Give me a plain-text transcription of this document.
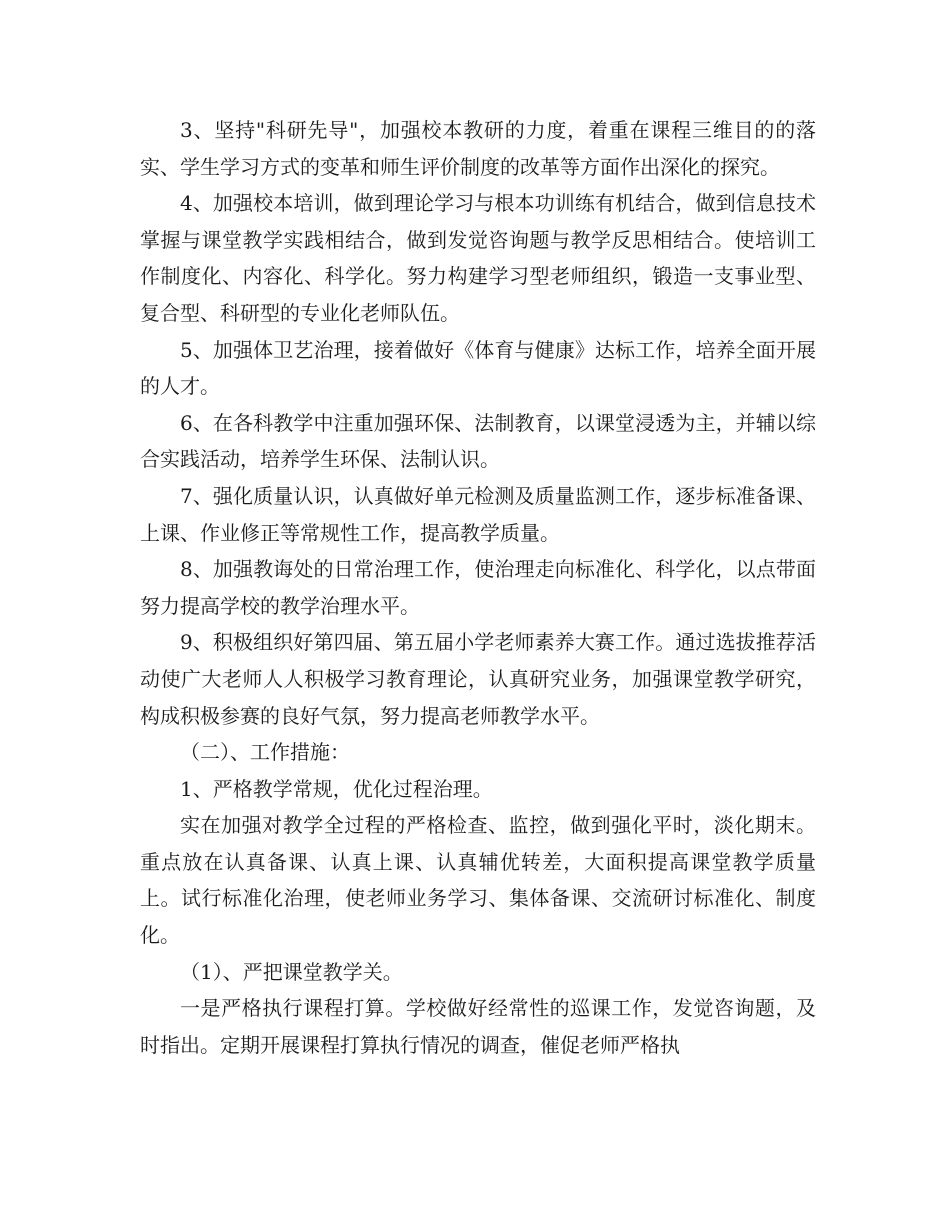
3、坚持"科研先导"，加强校本教研的力度，着重在课程三维目的的落实、学生学习方式的变革和师生评价制度的改革等方面作出深化的探究。

4、加强校本培训，做到理论学习与根本功训练有机结合，做到信息技术掌握与课堂教学实践相结合，做到发觉咨询题与教学反思相结合。使培训工作制度化、内容化、科学化。努力构建学习型老师组织，锻造一支事业型、复合型、科研型的专业化老师队伍。

5、加强体卫艺治理，接着做好《体育与健康》达标工作，培养全面开展的人才。

6、在各科教学中注重加强环保、法制教育，以课堂浸透为主，并辅以综合实践活动，培养学生环保、法制认识。

7、强化质量认识，认真做好单元检测及质量监测工作，逐步标准备课、上课、作业修正等常规性工作，提高教学质量。

8、加强教诲处的日常治理工作，使治理走向标准化、科学化，以点带面努力提高学校的教学治理水平。

9、积极组织好第四届、第五届小学老师素养大赛工作。通过选拔推荐活动使广大老师人人积极学习教育理论，认真研究业务，加强课堂教学研究，构成积极参赛的良好气氛，努力提高老师教学水平。

（二）、工作措施：

1、严格教学常规，优化过程治理。

实在加强对教学全过程的严格检查、监控，做到强化平时，淡化期末。重点放在认真备课、认真上课、认真辅优转差，大面积提高课堂教学质量上。试行标准化治理，使老师业务学习、集体备课、交流研讨标准化、制度化。

（1）、严把课堂教学关。

一是严格执行课程打算。学校做好经常性的巡课工作，发觉咨询题，及时指出。定期开展课程打算执行情况的调查，催促老师严格执
